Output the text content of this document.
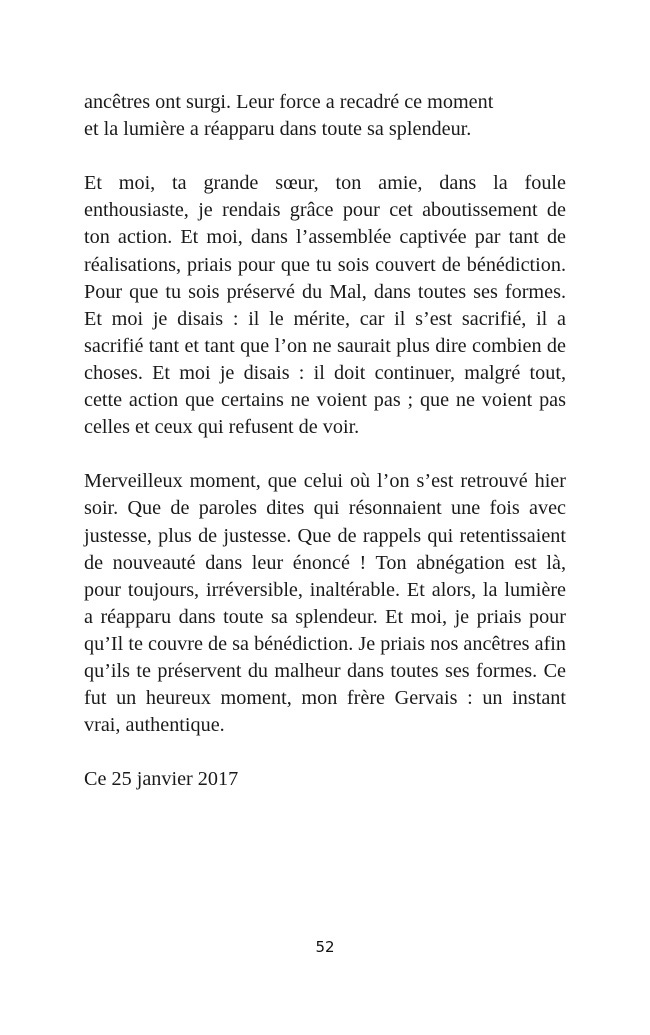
ancêtres ont surgi. Leur force a recadré ce moment
et la lumière a réapparu dans toute sa splendeur.

Et moi, ta grande sœur, ton amie, dans la foule enthousiaste, je rendais grâce pour cet aboutissement de ton action. Et moi, dans l’assemblée captivée par tant de réalisations, priais pour que tu sois couvert de bénédiction. Pour que tu sois préservé du Mal, dans toutes ses formes. Et moi je disais : il le mérite, car il s’est sacrifié, il a sacrifié tant et tant que l’on ne saurait plus dire combien de choses. Et moi je disais : il doit continuer, malgré tout, cette action que certains ne voient pas ; que ne voient pas celles et ceux qui refusent de voir.

Merveilleux moment, que celui où l’on s’est retrouvé hier soir. Que de paroles dites qui résonnaient une fois avec justesse, plus de justesse. Que de rappels qui retentissaient de nouveauté dans leur énoncé ! Ton abnégation est là, pour toujours, irréversible, inaltérable. Et alors, la lumière a réapparu dans toute sa splendeur. Et moi, je priais pour qu’Il te couvre de sa bénédiction. Je priais nos ancêtres afin qu’ils te préservent du malheur dans toutes ses formes. Ce fut un heureux moment, mon frère Gervais : un instant vrai, authentique.

Ce 25 janvier 2017

52
